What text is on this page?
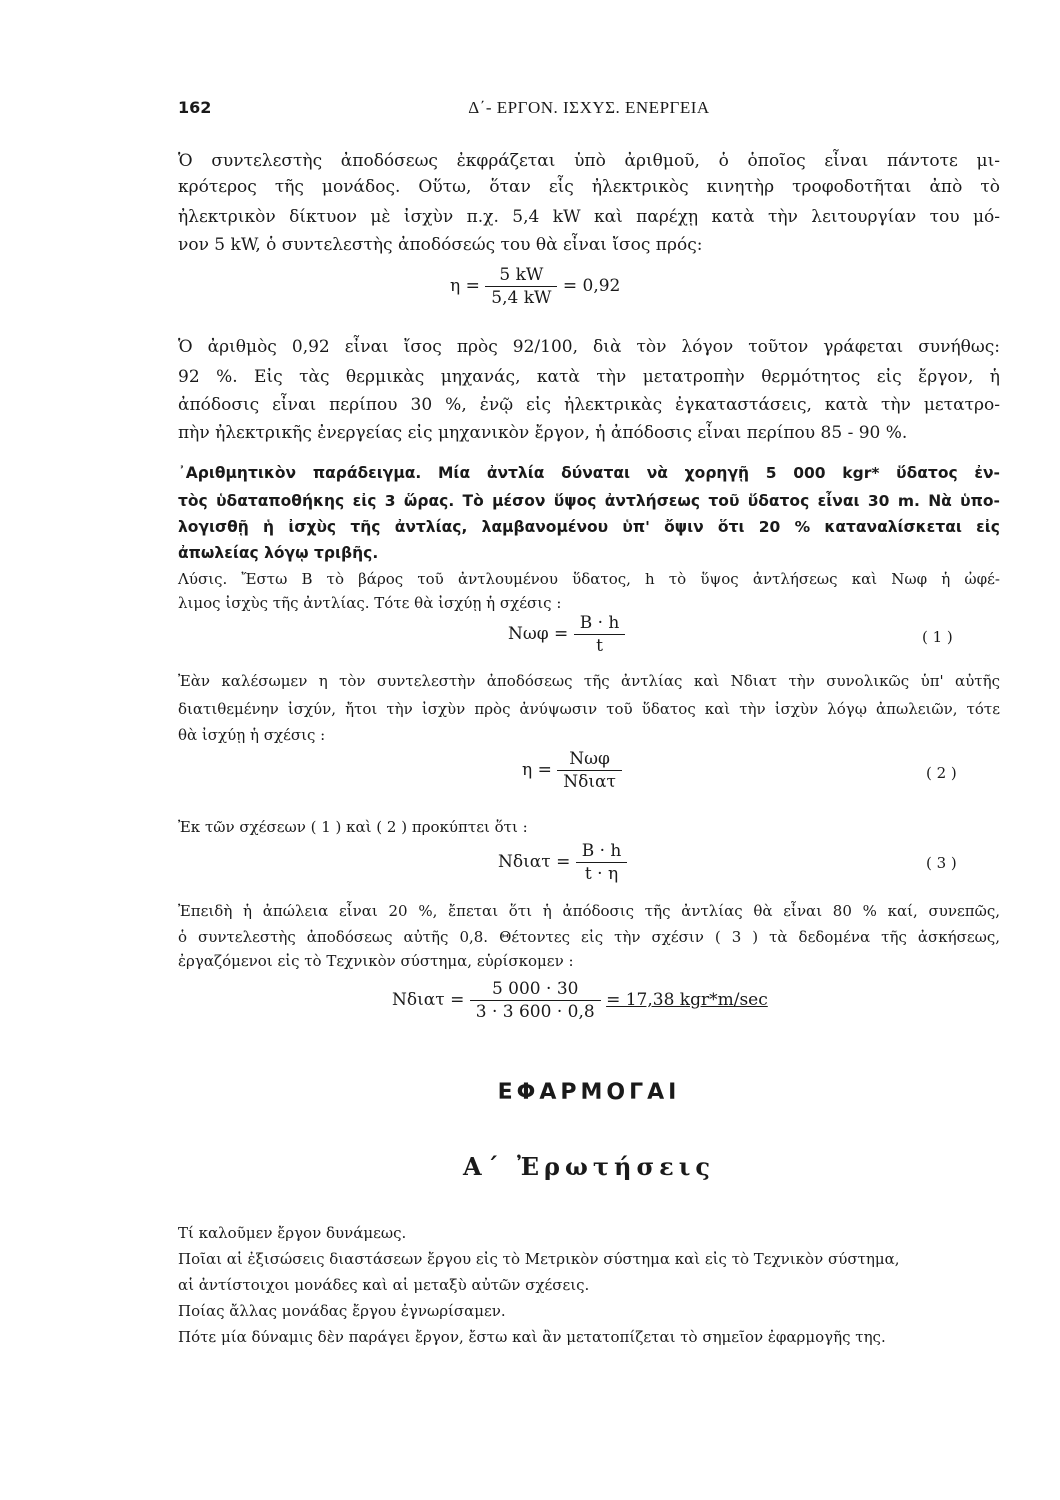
162	Δ΄- ΕΡΓΟΝ. ΙΣΧΥΣ. ΕΝΕΡΓΕΙΑ
Ὁ συντελεστὴς ἀποδόσεως ἐκφράζεται ὑπὸ ἀριθμοῦ, ὁ ὁποῖος εἶναι πάντοτε μι-
κρότερος τῆς μονάδος. Οὕτω, ὅταν εἷς ἠλεκτρικὸς κινητὴρ τροφοδοτῆται ἀπὸ τὸ
ἠλεκτρικὸν δίκτυον μὲ ἰσχὺν π.χ. 5,4 kW καὶ παρέχῃ κατὰ τὴν λειτουργίαν του μό-
νον 5 kW, ὁ συντελεστὴς ἀποδόσεώς του θὰ εἶναι ἴσος πρός:
$\eta = \frac{5 kW}{5,4 kW} = 0,92$
Ὁ ἀριθμὸς 0,92 εἶναι ἴσος πρὸς 92/100, διὰ τὸν λόγον τοῦτον γράφεται συνήθως:
92 %. Εἰς τὰς θερμικὰς μηχανάς, κατὰ τὴν μετατροπὴν θερμότητος εἰς ἔργον, ἡ
ἀπόδοσις εἶναι περίπου 30 %, ἐνῷ εἰς ἠλεκτρικὰς ἐγκαταστάσεις, κατὰ τὴν μετατρο-
πὴν ἠλεκτρικῆς ἐνεργείας εἰς μηχανικὸν ἔργον, ἡ ἀπόδοσις εἶναι περίπου 85 - 90 %.
᾿Αριθμητικὸν παράδειγμα. Μία ἀντλία δύναται νὰ χορηγῇ 5 000 kgr* ὕδατος ἐν-
τὸς ὑδαταποθήκης εἰς 3 ὥρας. Τὸ μέσον ὕψος ἀντλήσεως τοῦ ὕδατος εἶναι 30 m. Νὰ ὑπο-
λογισθῇ ἡ ἰσχὺς τῆς ἀντλίας, λαμβανομένου ὑπ' ὄψιν ὅτι 20 % καταναλίσκεται εἰς
ἀπωλείας λόγῳ τριβῆς.
Λύσις. Ἔστω B τὸ βάρος τοῦ ἀντλουμένου ὕδατος, h τὸ ὕψος ἀντλήσεως καὶ Nωφ ἡ ὠφέ-
λιμος ἰσχὺς τῆς ἀντλίας. Τότε θὰ ἰσχύῃ ἡ σχέσις :
$N\omega\varphi = \frac{B \cdot h}{t}$	( 1 )
Ἐὰν καλέσωμεν η τὸν συντελεστὴν ἀποδόσεως τῆς ἀντλίας καὶ Nδιατ τὴν συνολικῶς ὑπ' αὐτῆς
διατιθεμένην ἰσχύν, ἤτοι τὴν ἰσχὺν πρὸς ἀνύψωσιν τοῦ ὕδατος καὶ τὴν ἰσχὺν λόγῳ ἀπωλειῶν, τότε
θὰ ἰσχύῃ ἡ σχέσις :
$\eta = \frac{\text{Nωφ}}{\text{Nδιατ}}$	( 2 )
Ἐκ τῶν σχέσεων ( 1 ) καὶ ( 2 ) προκύπτει ὅτι :
$N\delta\iota\alpha\tau = \frac{B \cdot h}{t \cdot \eta}$	( 3 )
Ἐπειδὴ ἡ ἀπώλεια εἶναι 20 %, ἔπεται ὅτι ἡ ἀπόδοσις τῆς ἀντλίας θὰ εἶναι 80 % καί, συνεπῶς,
ὁ συντελεστὴς ἀποδόσεως αὐτῆς 0,8. Θέτοντες εἰς τὴν σχέσιν ( 3 ) τὰ δεδομένα τῆς ἀσκήσεως,
ἐργαζόμενοι εἰς τὸ Τεχνικὸν σύστημα, εὑρίσκομεν :
$N\delta\iota\alpha\tau = \frac{5 000 \cdot 30}{3 \cdot 3 600 \cdot 0,8} = 17,38$ kgr*m/sec
ΕΦΑΡΜΟΓΑΙ
Α΄ Ἐρωτήσεις
Τί καλοῦμεν ἔργον δυνάμεως.
Ποῖαι αἱ ἐξισώσεις διαστάσεων ἔργου εἰς τὸ Μετρικὸν σύστημα καὶ εἰς τὸ Τεχνικὸν σύστημα,
αἱ ἀντίστοιχοι μονάδες καὶ αἱ μεταξὺ αὐτῶν σχέσεις.
Ποίας ἄλλας μονάδας ἔργου ἐγνωρίσαμεν.
Πότε μία δύναμις δὲν παράγει ἔργον, ἔστω καὶ ἂν μετατοπίζεται τὸ σημεῖον ἐφαρμογῆς της.
